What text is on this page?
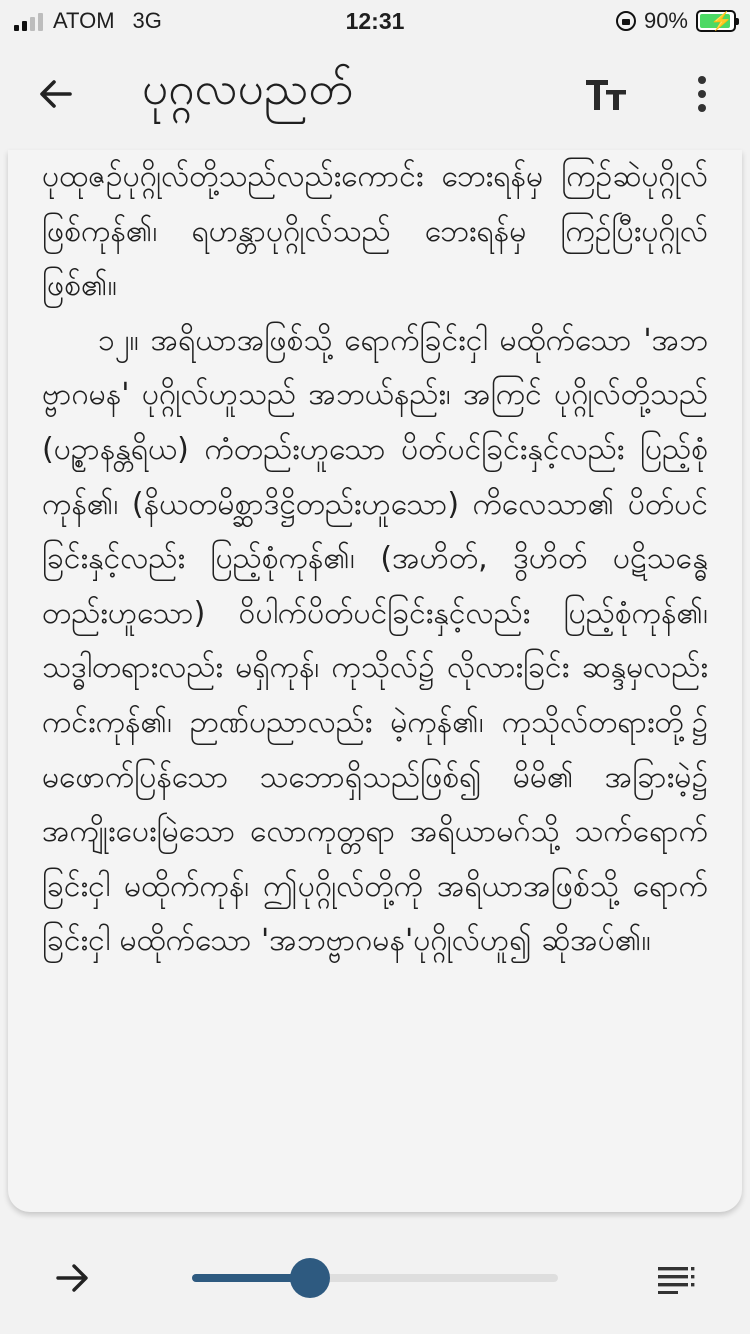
ATOM 3G	12:31	90% ⚡
ပုဂ္ဂလပညတ်

ပုထုဇဉ်ပုဂ္ဂိုလ်တို့သည်လည်းကောင်း ဘေးရန်မှ ကြဉ်ဆဲပုဂ္ဂိုလ် ဖြစ်ကုန်၏၊ ရဟန္တာပုဂ္ဂိုလ်သည် ဘေးရန်မှ ကြဉ်ပြီးပုဂ္ဂိုလ် ဖြစ်၏။

၁၂။ အရိယာအဖြစ်သို့ ရောက်ခြင်းငှါ မထိုက်သော 'အဘဗ္ဗာဂမန' ပုဂ္ဂိုလ်ဟူသည် အဘယ်နည်း၊ အကြင် ပုဂ္ဂိုလ်တို့သည် (ပဉ္စာနန္တရိယ) ကံတည်းဟူသော ပိတ်ပင်ခြင်းနှင့်လည်း ပြည့်စုံကုန်၏၊ (နိယတမိစ္ဆာဒိဋ္ဌိတည်းဟူသော) ကိလေသာ၏ ပိတ်ပင်ခြင်းနှင့်လည်း ပြည့်စုံကုန်၏၊ (အဟိတ်, ဒွိဟိတ် ပဋိသန္ဓေတည်းဟူသော) ဝိပါက်ပိတ်ပင်ခြင်းနှင့်လည်း ပြည့်စုံကုန်၏၊ သဒ္ဓါတရားလည်း မရှိကုန်၊ ကုသိုလ်၌ လိုလားခြင်း ဆန္ဒမှလည်း ကင်းကုန်၏၊ ဉာဏ်ပညာလည်း မဲ့ကုန်၏၊ ကုသိုလ်တရားတို့၌ မဖောက်ပြန်သော သဘောရှိသည်ဖြစ်၍ မိမိ၏ အခြားမဲ့၌ အကျိုးပေးမြဲသော လောကုတ္တရာ အရိယာမဂ်သို့ သက်ရောက်ခြင်းငှါ မထိုက်ကုန်၊ ဤပုဂ္ဂိုလ်တို့ကို အရိယာအဖြစ်သို့ ရောက်ခြင်းငှါ မထိုက်သော 'အဘဗ္ဗာဂမန'ပုဂ္ဂိုလ်ဟူ၍ ဆိုအပ်၏။
